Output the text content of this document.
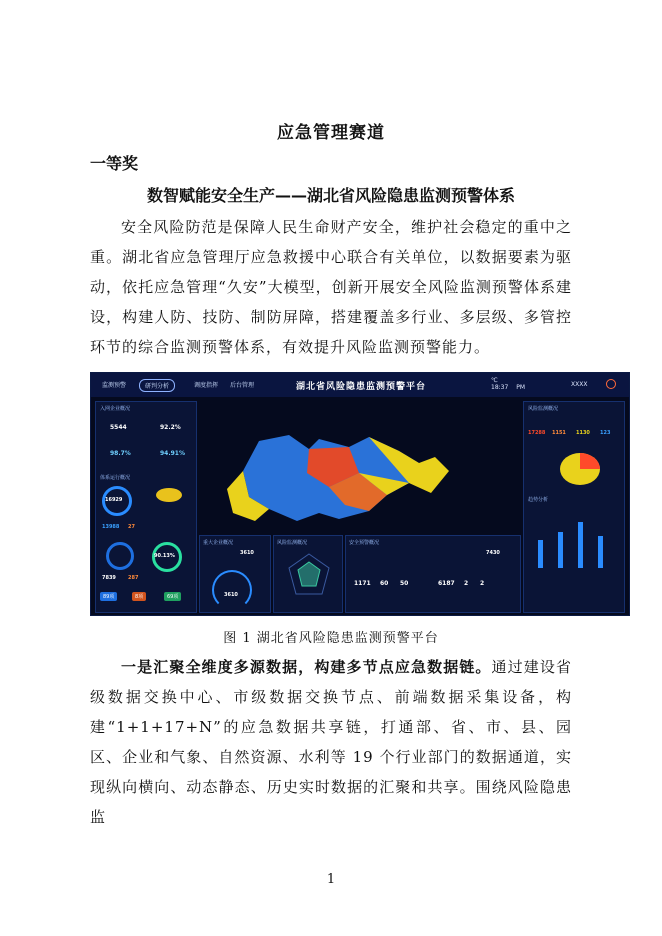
应急管理赛道
一等奖
数智赋能安全生产——湖北省风险隐患监测预警体系
安全风险防范是保障人民生命财产安全，维护社会稳定的重中之重。湖北省应急管理厅应急救援中心联合有关单位，以数据要素为驱动，依托应急管理“久安”大模型，创新开展安全风险监测预警体系建设，构建人防、技防、制防屏障，搭建覆盖多行业、多层级、多管控环节的综合监测预警体系，有效提升风险监测预警能力。
监测预警	研判分析	调度指挥	后台管理	湖北省风险隐患监测预警平台
℃
18:37 PM	XXXX
入网企业概况
5544	92.2%
98.7%	94.91%
体系运行概况
16929
13988 27
90.13%
7839 287
89项	8项	69项
风险监测概况
17288 1151 1130 123
趋势分析
重大企业概况
3610
3610
风险监测概况	安全预警概况
7430
1171 60 50	6187 2 2
图 1 湖北省风险隐患监测预警平台
一是汇聚全维度多源数据，构建多节点应急数据链。通过建设省级数据交换中心、市级数据交换节点、前端数据采集设备，构建“1+1+17+N”的应急数据共享链，打通部、省、市、县、园区、企业和气象、自然资源、水利等 19 个行业部门的数据通道，实现纵向横向、动态静态、历史实时数据的汇聚和共享。围绕风险隐患监
1
